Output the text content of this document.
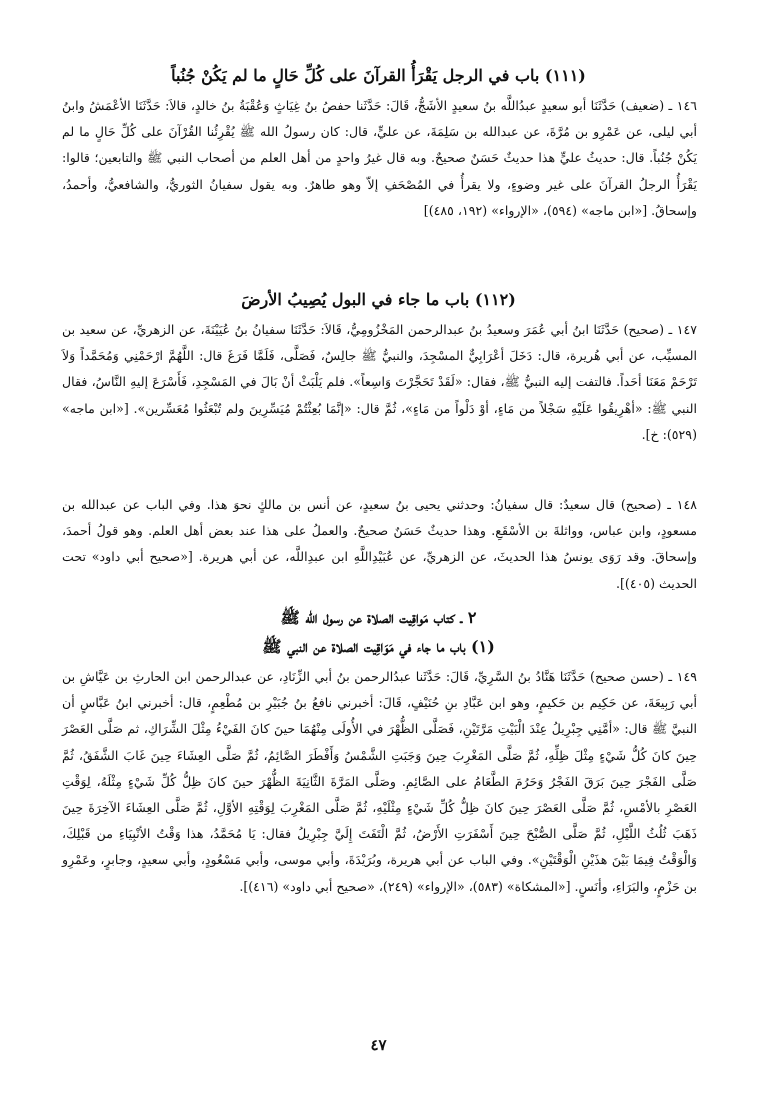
(١١١) باب في الرجل يَقْرَأُ القرآنَ على كُلِّ حَالٍ ما لم يَكُنْ جُنُباً

١٤٦ ـ (ضعيف) حَدَّثَنَا أبو سعيدٍ عبدُاللَّه بنُ سعيدٍ الأشَجُّ، قَالَ: حَدَّثَنا حفصُ بنُ غِيَاثٍ وَعُقْبَةُ بنُ خالدٍ، قالاَ: حَدَّثَنَا الأعْمَشُ وابنُ أبي ليلى، عن عَمْرِو بن مُرَّةَ، عن عبدالله بن سَلِمَةَ، عن عليٍّ، قال: كان رسولُ الله ﷺ يُقْرِئُنا القُرْآنَ على كُلِّ حَالٍ ما لم يَكُنْ جُنُباً. قال: حديثُ عليٍّ هذا حديثٌ حَسَنٌ صحيحٌ. وبه قال غيرُ واحدٍ من أهل العلم من أصحاب النبي ﷺ والتابعين؛ قالوا: يَقْرَأُ الرجلُ القرآنَ على غير وضوءٍ، ولا يقرأُ في المُصْحَفِ إلاّ وهو طاهرٌ. وبه يقول سفيانُ الثوريُّ، والشافعيُّ، وأحمدُ، وإسحاقُ. [«ابن ماجه» (٥٩٤)، «الإرواء» (١٩٢، ٤٨٥)]

(١١٢) باب ما جاء في البول يُصِيبُ الأرضَ

١٤٧ ـ (صحيح) حَدَّثَنَا ابنُ أبي عُمَرَ وسعيدُ بنُ عبدالرحمن المَخْزُومِيُّ، قَالاَ: حَدَّثَنَا سفيانُ بنُ عُيَيْنَةَ، عن الزهريِّ، عن سعيد بن المسيِّب، عن أبي هُريرة، قال: دَخَلَ أعْرَابِيٌّ المسْجِدَ، والنبيُّ ﷺ جالِسٌ، فَصَلَّى، فَلَمَّا فَرَغَ قال: اللَّهُمَّ ارْحَمْنِي وَمُحَمَّداً وَلاَ تَرْحَمْ مَعَنَا أحَداً. فالتفت إليه النبيُّ ﷺ، فقال: «لَقَدْ تَحَجَّرْتَ وَاسِعاً». فلم يَلْبَثْ أنْ بَالَ في المَسْجِدِ، فَأَسْرَعَ إليهِ النَّاسُ، فقال النبي ﷺ: «أهْرِيقُوا عَلَيْهِ سَجْلاً من مَاءٍ، أوْ دَلْواً من مَاءٍ»، ثُمَّ قال: «إنَّمَا بُعِثْتُمْ مُيَسِّرِينَ ولم تُبْعَثُوا مُعَسِّرين». [«ابن ماجه» (٥٢٩): خ].

١٤٨ ـ (صحيح) قال سعيدٌ: قال سفيانُ: وحدثني يحيى بنُ سعيدٍ، عن أنس بن مالكٍ نحوَ هذا. وفي الباب عن عبدالله بن مسعودٍ، وابن عباس، وواثلةَ بن الأسْقَعِ. وهذا حديثٌ حَسَنٌ صحيحٌ. والعملُ على هذا عند بعض أهل العلم. وهو قولُ أحمدَ، وإسحاقَ. وقد رَوَى يونسُ هذا الحديثَ، عن الزهريِّ، عن عُبَيْدِاللَّهِ ابن عبدِاللَّه، عن أبي هريرة. [«صحيح أبي داود» تحت الحديث (٤٠٥)].

٢ ـ كتاب مَواقِيت الصلاة عن رسول الله ﷺ
(١) باب ما جاء في مَوَاقِيت الصلاة عن النبي ﷺ

١٤٩ ـ (حسن صحيح) حَدَّثَنَا هَنَّادُ بنُ السَّرِيِّ، قَالَ: حَدَّثَنا عبدُالرحمن بنُ أبي الزِّنَادِ، عن عبدالرحمن ابن الحارثِ بن عَيَّاشِ بن أبي رَبِيعَةَ، عن حَكِيم بن حَكيمٍ، وهو ابن عَبَّادِ بنِ حُنَيْفٍ، قَالَ: أخبرني نافعُ بنُ جُبَيْرِ بن مُطْعِمٍ، قال: أخبرني ابنُ عَبَّاسٍ أن النبيَّ ﷺ قال: «أمَّنِي جِبْرِيلُ عِنْدَ الْبَيْتِ مَرَّتَيْنِ، فَصَلَّى الظُّهْرَ في الأُولَى مِنْهُمَا حينَ كانَ الفَيْءُ مِثْلَ الشِّرَاكِ، ثم صَلَّى العَصْرَ حِينَ كانَ كُلُّ شَيْءٍ مِثْلَ ظِلِّهِ، ثُمَّ صَلَّى المَغْرِبَ حِينَ وَجَبَتِ الشَّمْسُ وَأَفْطَرَ الصَّائِمُ، ثُمَّ صَلَّى العِشَاءَ حِينَ غَابَ الشَّفَقُ، ثُمَّ صَلَّى الفَجْرَ حِينَ بَرَقَ الفَجْرُ وَحَرُمَ الطَّعَامُ على الصَّائِمِ. وصَلَّى المَرَّةَ الثَّانِيَةَ الظُّهْرَ حينَ كانَ ظِلُّ كُلِّ شَيْءٍ مِثْلَهُ، لِوَقْتِ العَصْرِ بالأمْسِ، ثُمَّ صَلَّى العَصْرَ حِينَ كانَ ظِلُّ كُلِّ شَيْءٍ مِثْلَيْهِ، ثُمَّ صَلَّى المَغْرِبَ لِوَقْتِهِ الأوَّلِ، ثُمَّ صَلَّى العِشَاءَ الآخِرَةَ حِينَ ذَهَبَ ثُلُثُ اللَّيْلِ، ثُمَّ صَلَّى الصُّبْحَ حِينَ أَسْفَرَتِ الأَرْضُ، ثُمَّ الْتَفَتَ إِلَيَّ جِبْرِيلُ فقال: يَا مُحَمَّدُ، هذا وَقْتُ الأنْبِيَاءِ من قَبْلِكَ، وَالْوَقْتُ فِيمَا بَيْنَ هذَيْنِ الْوَقْتَيْنِ». وفي الباب عن أبي هريرة، وبُرَيْدَةَ، وأبي موسى، وأبي مَسْعُودٍ، وأبي سعيدٍ، وجابرٍ، وعَمْرِو بن حَزْمٍ، والبَرَاءِ، وأنَسٍ. [«المشكاة» (٥٨٣)، «الإرواء» (٢٤٩)، «صحيح أبي داود» (٤١٦)].

٤٧
